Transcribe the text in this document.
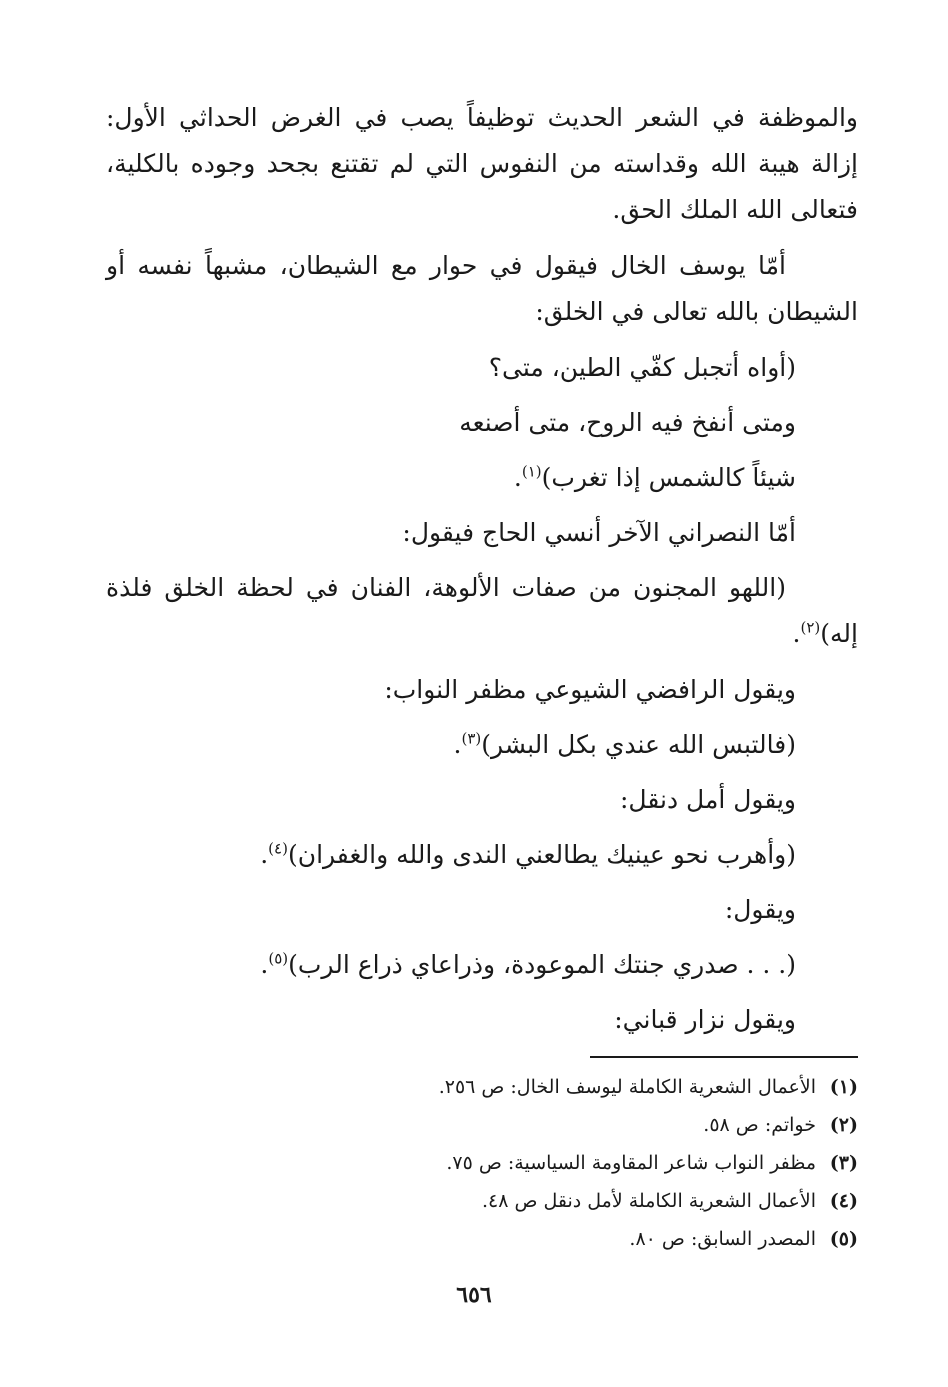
والموظفة في الشعر الحديث توظيفاً يصب في الغرض الحداثي الأول: إزالة هيبة الله وقداسته من النفوس التي لم تقتنع بجحد وجوده بالكلية، فتعالى الله الملك الحق.

أمّا يوسف الخال فيقول في حوار مع الشيطان، مشبهاً نفسه أو الشيطان بالله تعالى في الخلق:

(أواه أتجبل كفّي الطين، متى؟
ومتى أنفخ فيه الروح، متى أصنعه
شيئاً كالشمس إذا تغرب)$^{(١)}$.
أمّا النصراني الآخر أنسي الحاج فيقول:

(اللهو المجنون من صفات الألوهة، الفنان في لحظة الخلق فلذة إله)$^{(٢)}$.

ويقول الرافضي الشيوعي مظفر النواب:
(فالتبس الله عندي بكل البشر)$^{(٣)}$.
ويقول أمل دنقل:
(وأهرب نحو عينيك يطالعني الندى والله والغفران)$^{(٤)}$.
ويقول:
(. . . صدري جنتك الموعودة، وذراعاي ذراع الرب)$^{(٥)}$.
ويقول نزار قباني:
(١)الأعمال الشعرية الكاملة ليوسف الخال: ص ٢٥٦.
(٢)خواتم: ص ٥٨.
(٣)مظفر النواب شاعر المقاومة السياسية: ص ٧٥.
(٤)الأعمال الشعرية الكاملة لأمل دنقل ص ٤٨.
(٥)المصدر السابق: ص ٨٠.
٦٥٦
